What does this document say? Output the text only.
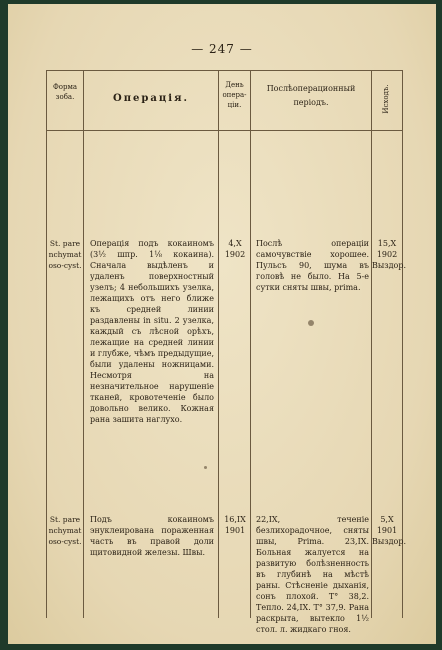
— 247 —
Форма зоба.	Операція.
День опера-ціи.
Послѣоперационный періодъ.	Исходъ.
St. parenchymatoso-cyst.
Операція подъ кокаиномъ (3½ шпр. 1⅛ кокаина). Сначала выдѣленъ и удаленъ поверхностный узелъ; 4 небольшихъ узелка, лежащихъ отъ него ближе къ средней линии раздавлены in situ. 2 узелка, каждый съ лѣсной орѣхъ, лежащие на средней линии и глубже, чѣмъ предыдущие, были удалены ножницами. Несмотря на незначительное нарушеніе тканей, кровотеченіе было довольно велико. Кожная рана зашита наглухо.
4,X 1902
Послѣ операціи самочувствіе хорошее. Пульсъ 90, шума въ головѣ не было. На 5-е сутки сняты швы, prima.
15,X 1902 Выздор.
St. parenchymatoso-cyst.
Подъ кокаиномъ энуклеирована пораженная часть въ правой доли щитовидной железы. Швы.
16,IX 1901
22,IX, теченіе безлихорадочное, сняты швы, Prima. 23,IX. Больная жалуется на развитую болѣзненность въ глубинѣ на мѣстѣ раны. Стѣсненіе дыханія, сонъ плохой. T° 38,2. Тепло. 24,IX. T° 37,9. Рана раскрыта, вытекло 1½ стол. л. жидкаго гноя.
5,X 1901 Выздор.
